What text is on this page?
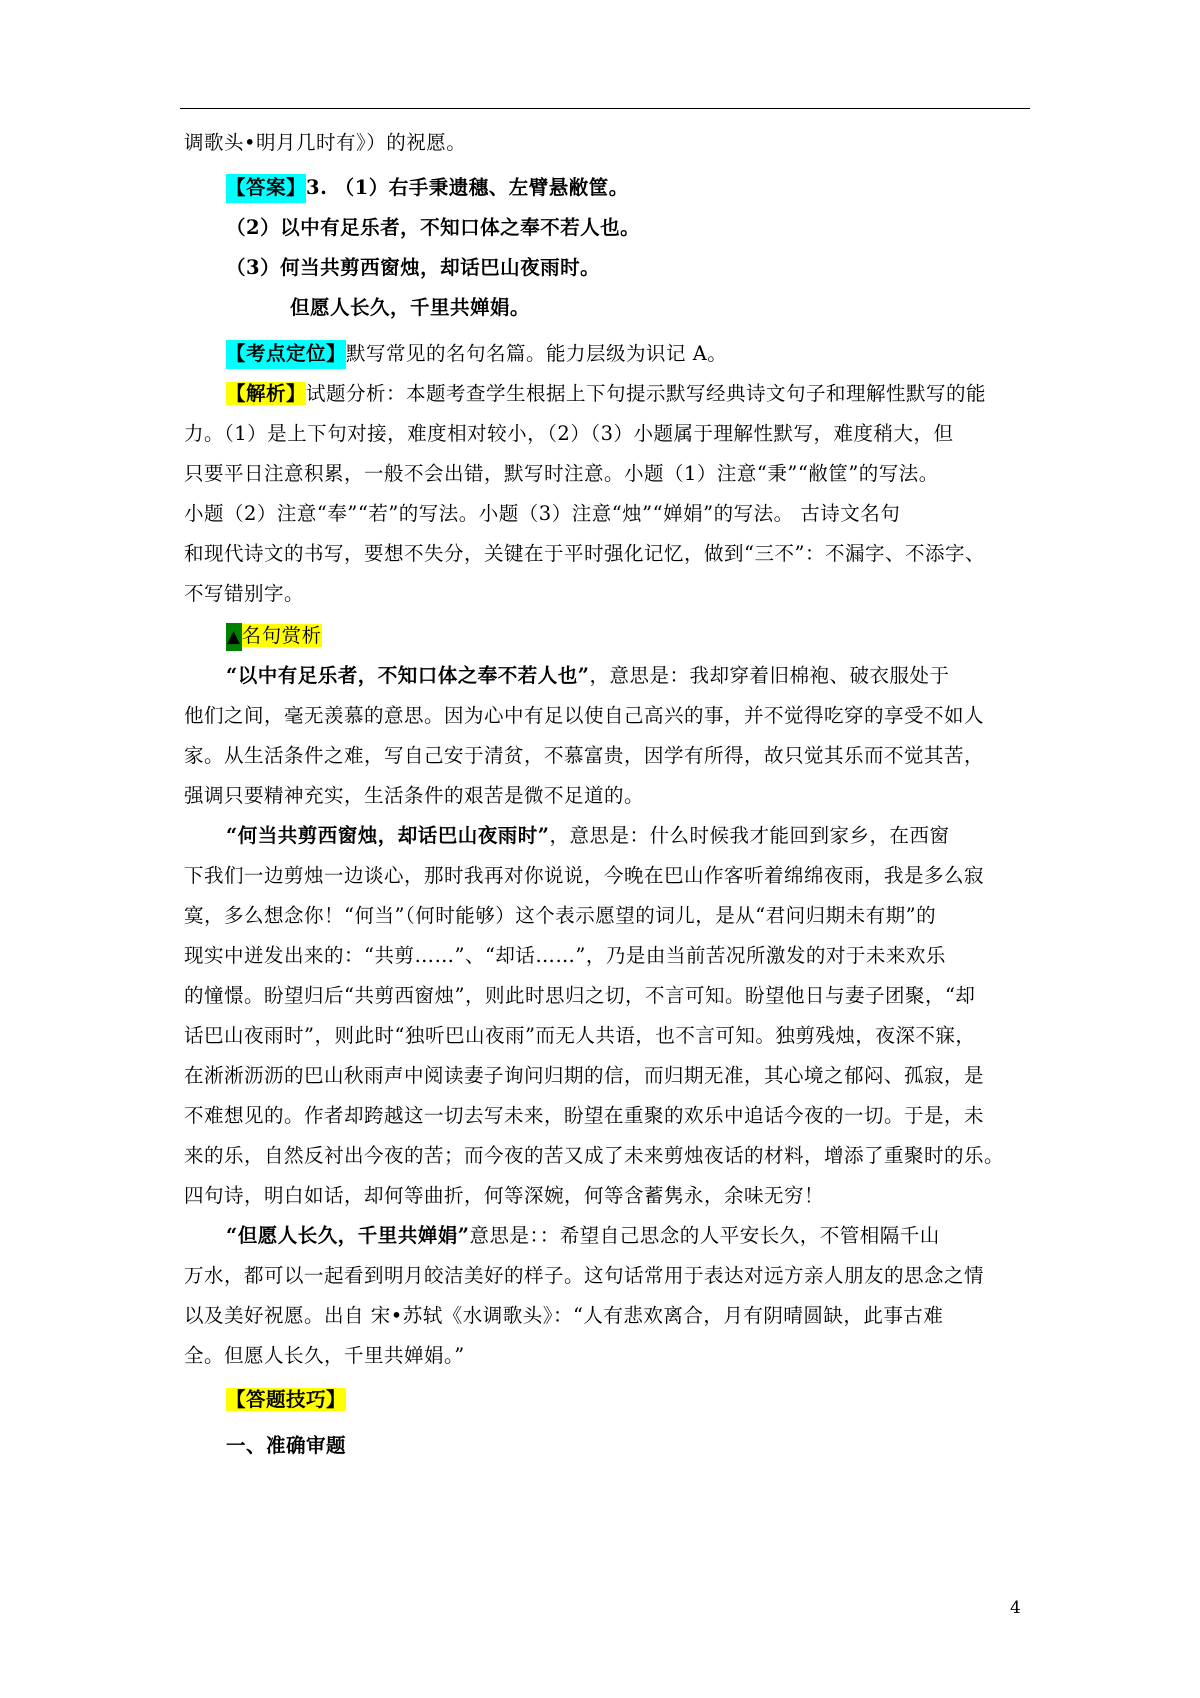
调歌头•明月几时有》）的祝愿。
【答案】3. （1）右手秉遗穗、左臂悬敝筐。
（2）以中有足乐者，不知口体之奉不若人也。
（3）何当共剪西窗烛，却话巴山夜雨时。
但愿人长久，千里共婵娟。
【考点定位】默写常见的名句名篇。能力层级为识记 A。
【解析】试题分析：本题考查学生根据上下句提示默写经典诗文句子和理解性默写的能
力。（1）是上下句对接，难度相对较小，（2）（3）小题属于理解性默写，难度稍大，但
只要平日注意积累，一般不会出错，默写时注意。小题（1）注意“秉”“敝筐”的写法。
小题（2）注意“奉”“若”的写法。小题（3）注意“烛”“婵娟”的写法。 古诗文名句
和现代诗文的书写，要想不失分，关键在于平时强化记忆，做到“三不”：不漏字、不添字、
不写错别字。
▲名句赏析
“以中有足乐者，不知口体之奉不若人也”，意思是：我却穿着旧棉袍、破衣服处于
他们之间，毫无羡慕的意思。因为心中有足以使自己高兴的事，并不觉得吃穿的享受不如人
家。从生活条件之难，写自己安于清贫，不慕富贵，因学有所得，故只觉其乐而不觉其苦，
强调只要精神充实，生活条件的艰苦是微不足道的。
“何当共剪西窗烛，却话巴山夜雨时”，意思是：什么时候我才能回到家乡，在西窗
下我们一边剪烛一边谈心，那时我再对你说说，今晚在巴山作客听着绵绵夜雨，我是多么寂
寞，多么想念你！“何当”（何时能够）这个表示愿望的词儿，是从“君问归期未有期”的
现实中迸发出来的：“共剪……”、“却话……”，乃是由当前苦况所激发的对于未来欢乐
的憧憬。盼望归后“共剪西窗烛”，则此时思归之切，不言可知。盼望他日与妻子团聚，“却
话巴山夜雨时”，则此时“独听巴山夜雨”而无人共语，也不言可知。独剪残烛，夜深不寐，
在淅淅沥沥的巴山秋雨声中阅读妻子询问归期的信，而归期无准，其心境之郁闷、孤寂，是
不难想见的。作者却跨越这一切去写未来，盼望在重聚的欢乐中追话今夜的一切。于是，未
来的乐，自然反衬出今夜的苦；而今夜的苦又成了未来剪烛夜话的材料，增添了重聚时的乐。
四句诗，明白如话，却何等曲折，何等深婉，何等含蓄隽永，余味无穷！
“但愿人长久，千里共婵娟”意思是：：希望自己思念的人平安长久，不管相隔千山
万水，都可以一起看到明月皎洁美好的样子。这句话常用于表达对远方亲人朋友的思念之情
以及美好祝愿。出自 宋•苏轼《水调歌头》：“人有悲欢离合，月有阴晴圆缺，此事古难
全。但愿人长久，千里共婵娟。”
【答题技巧】
一、准确审题
4
